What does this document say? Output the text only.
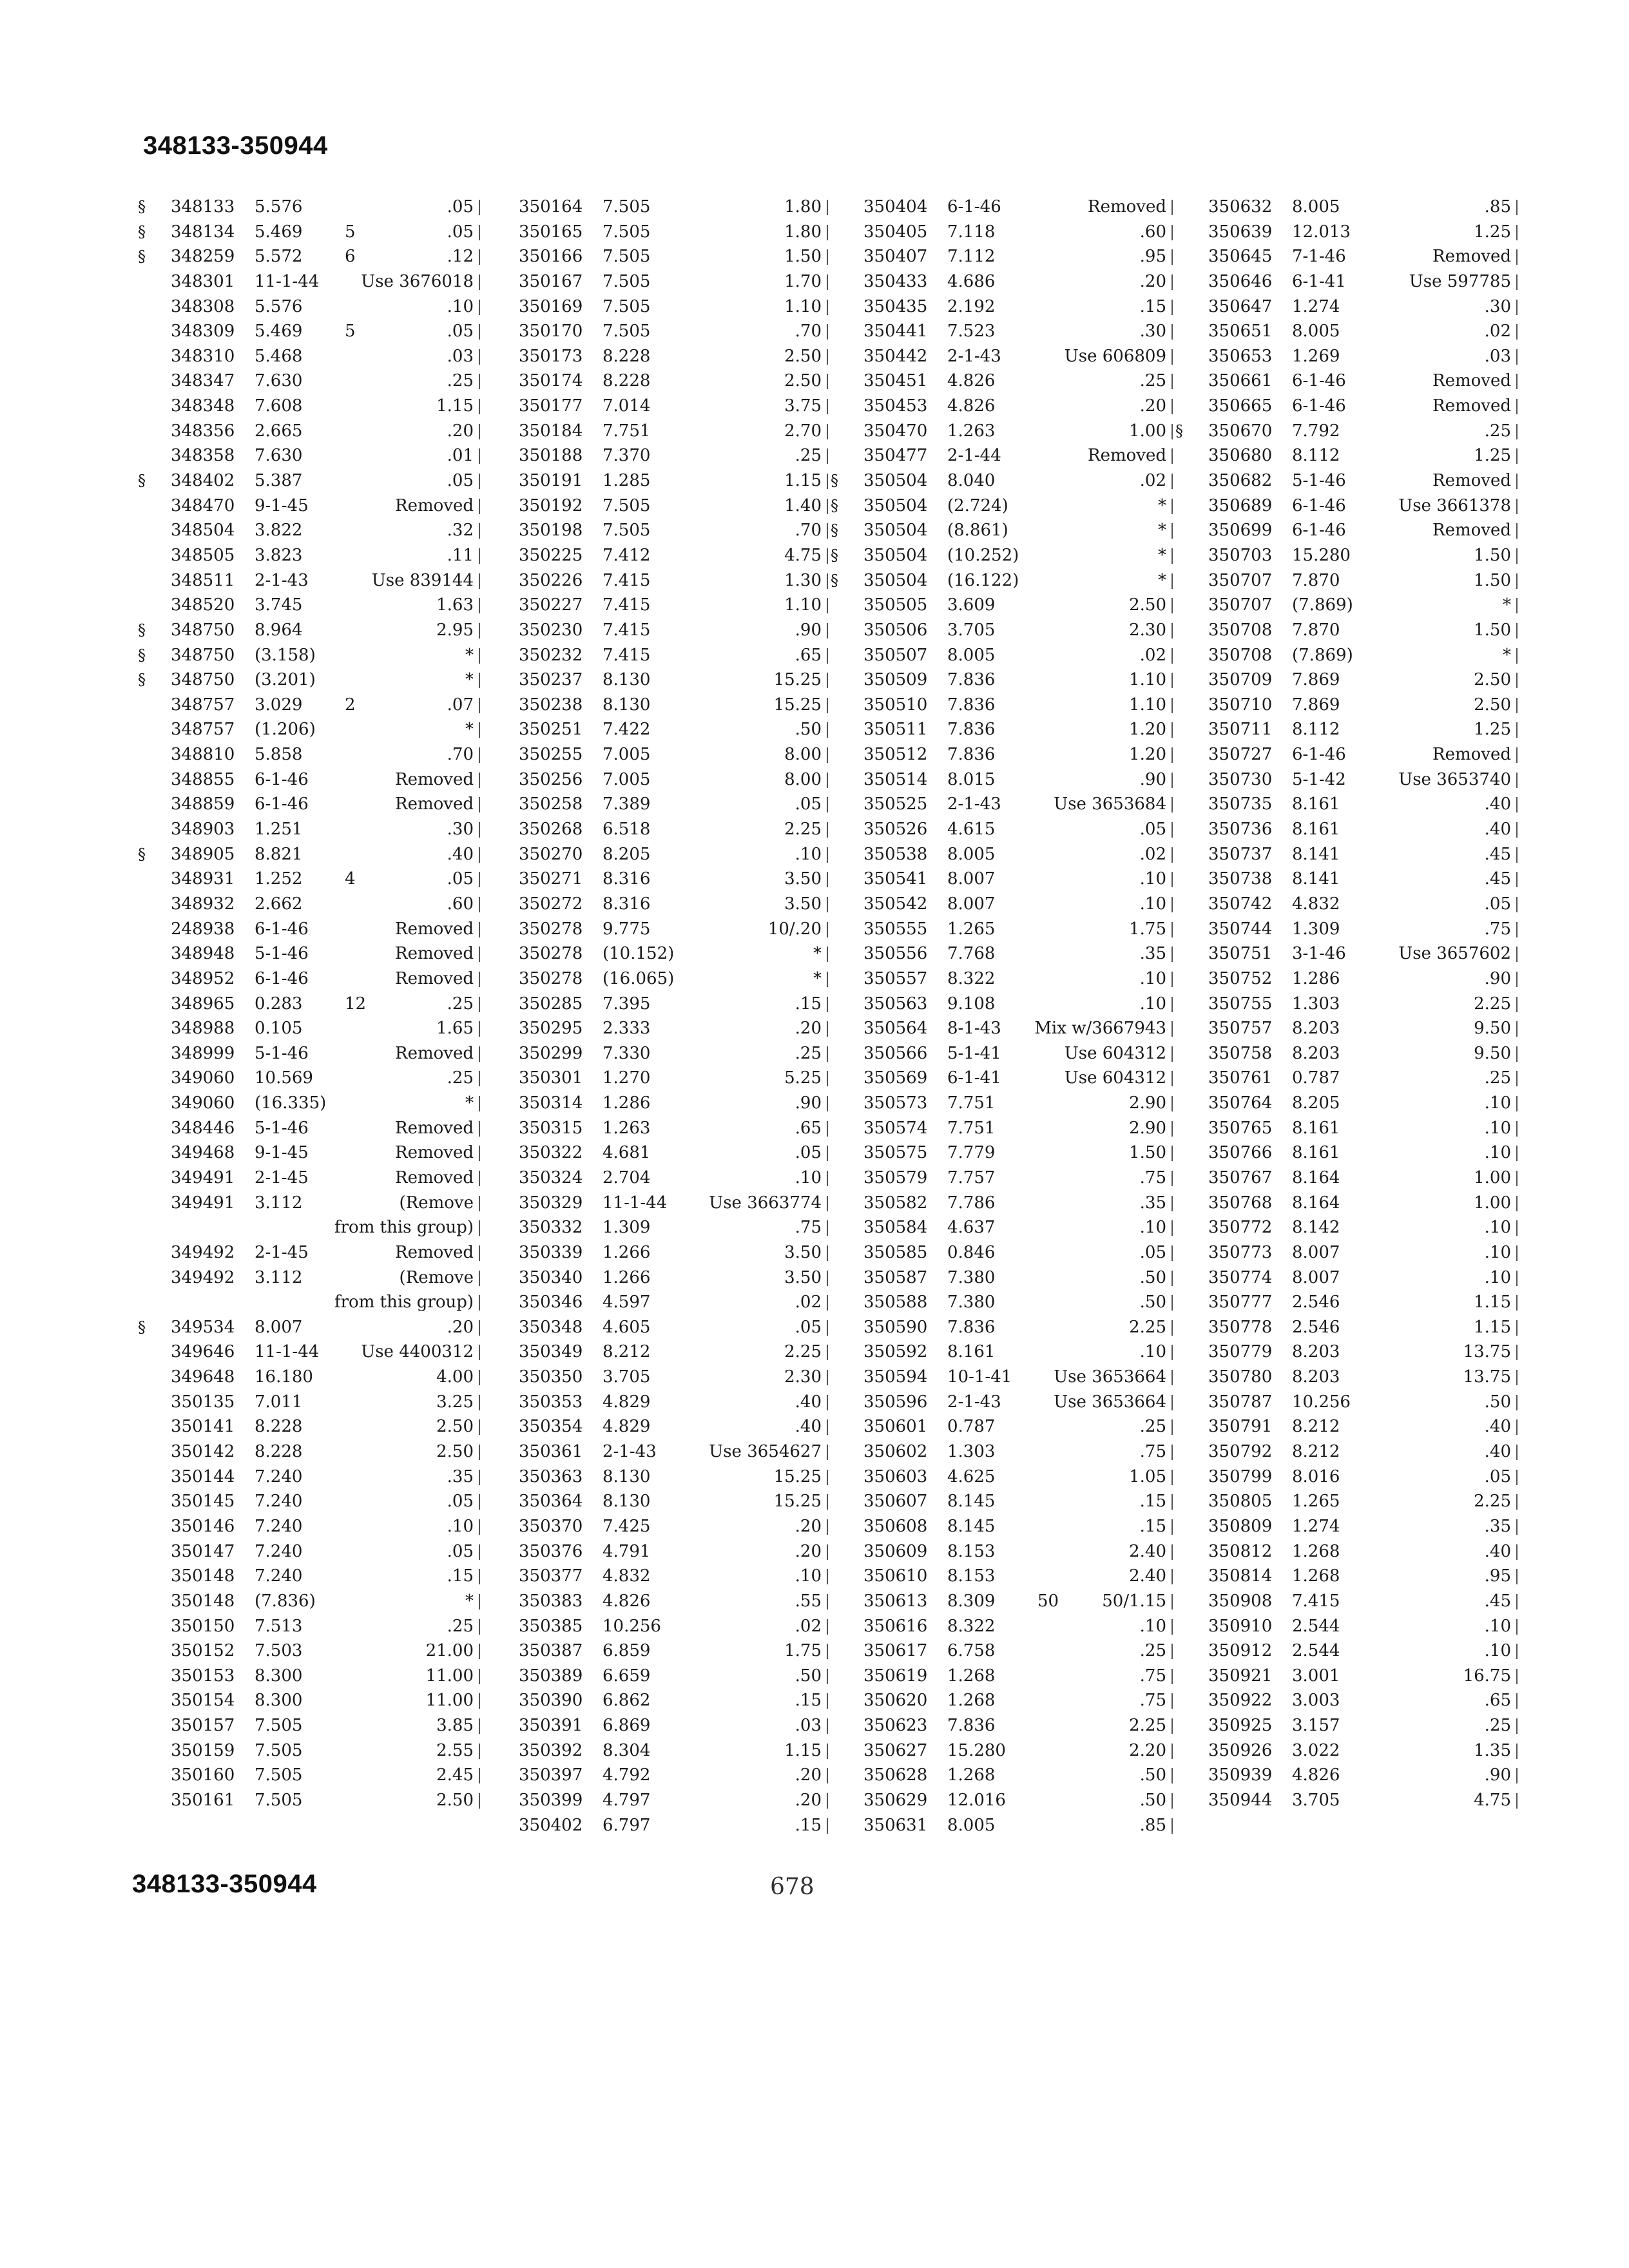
348133-350944
§	348133	5.576	.05
§	348134	5.469	5	.05
§	348259	5.572	6	.12
348301	11-1-44	Use 3676018
348308	5.576	.10
348309	5.469	5	.05
348310	5.468	.03
348347	7.630	.25
348348	7.608	1.15
348356	2.665	.20
348358	7.630	.01
§	348402	5.387	.05
348470	9-1-45	Removed
348504	3.822	.32
348505	3.823	.11
348511	2-1-43	Use 839144
348520	3.745	1.63
§	348750	8.964	2.95
§	348750	(3.158)	*
§	348750	(3.201)	*
348757	3.029	2	.07
348757	(1.206)	*
348810	5.858	.70
348855	6-1-46	Removed
348859	6-1-46	Removed
348903	1.251	.30
§	348905	8.821	.40
348931	1.252	4	.05
348932	2.662	.60
248938	6-1-46	Removed
348948	5-1-46	Removed
348952	6-1-46	Removed
348965	0.283	12	.25
348988	0.105	1.65
348999	5-1-46	Removed
349060	10.569	.25
349060	(16.335)	*
348446	5-1-46	Removed
349468	9-1-45	Removed
349491	2-1-45	Removed
349491	3.112	(Remove
from this group)
349492	2-1-45	Removed
349492	3.112	(Remove
from this group)
§	349534	8.007	.20
349646	11-1-44	Use 4400312
349648	16.180	4.00
350135	7.011	3.25
350141	8.228	2.50
350142	8.228	2.50
350144	7.240	.35
350145	7.240	.05
350146	7.240	.10
350147	7.240	.05
350148	7.240	.15
350148	(7.836)	*
350150	7.513	.25
350152	7.503	21.00
350153	8.300	11.00
350154	8.300	11.00
350157	7.505	3.85
350159	7.505	2.55
350160	7.505	2.45
350161	7.505	2.50
350164	7.505	1.80
350165	7.505	1.80
350166	7.505	1.50
350167	7.505	1.70
350169	7.505	1.10
350170	7.505	.70
350173	8.228	2.50
350174	8.228	2.50
350177	7.014	3.75
350184	7.751	2.70
350188	7.370	.25
350191	1.285	1.15
350192	7.505	1.40
350198	7.505	.70
350225	7.412	4.75
350226	7.415	1.30
350227	7.415	1.10
350230	7.415	.90
350232	7.415	.65
350237	8.130	15.25
350238	8.130	15.25
350251	7.422	.50
350255	7.005	8.00
350256	7.005	8.00
350258	7.389	.05
350268	6.518	2.25
350270	8.205	.10
350271	8.316	3.50
350272	8.316	3.50
350278	9.775	10/.20
350278	(10.152)	*
350278	(16.065)	*
350285	7.395	.15
350295	2.333	.20
350299	7.330	.25
350301	1.270	5.25
350314	1.286	.90
350315	1.263	.65
350322	4.681	.05
350324	2.704	.10
350329	11-1-44	Use 3663774
350332	1.309	.75
350339	1.266	3.50
350340	1.266	3.50
350346	4.597	.02
350348	4.605	.05
350349	8.212	2.25
350350	3.705	2.30
350353	4.829	.40
350354	4.829	.40
350361	2-1-43	Use 3654627
350363	8.130	15.25
350364	8.130	15.25
350370	7.425	.20
350376	4.791	.20
350377	4.832	.10
350383	4.826	.55
350385	10.256	.02
350387	6.859	1.75
350389	6.659	.50
350390	6.862	.15
350391	6.869	.03
350392	8.304	1.15
350397	4.792	.20
350399	4.797	.20
350402	6.797	.15
350404	6-1-46	Removed
350405	7.118	.60
350407	7.112	.95
350433	4.686	.20
350435	2.192	.15
350441	7.523	.30
350442	2-1-43	Use 606809
350451	4.826	.25
350453	4.826	.20
350470	1.263	1.00
350477	2-1-44	Removed
§	350504	8.040	.02
§	350504	(2.724)	*
§	350504	(8.861)	*
§	350504	(10.252)	*
§	350504	(16.122)	*
350505	3.609	2.50
350506	3.705	2.30
350507	8.005	.02
350509	7.836	1.10
350510	7.836	1.10
350511	7.836	1.20
350512	7.836	1.20
350514	8.015	.90
350525	2-1-43	Use 3653684
350526	4.615	.05
350538	8.005	.02
350541	8.007	.10
350542	8.007	.10
350555	1.265	1.75
350556	7.768	.35
350557	8.322	.10
350563	9.108	.10
350564	8-1-43	Mix w/3667943
350566	5-1-41	Use 604312
350569	6-1-41	Use 604312
350573	7.751	2.90
350574	7.751	2.90
350575	7.779	1.50
350579	7.757	.75
350582	7.786	.35
350584	4.637	.10
350585	0.846	.05
350587	7.380	.50
350588	7.380	.50
350590	7.836	2.25
350592	8.161	.10
350594	10-1-41	Use 3653664
350596	2-1-43	Use 3653664
350601	0.787	.25
350602	1.303	.75
350603	4.625	1.05
350607	8.145	.15
350608	8.145	.15
350609	8.153	2.40
350610	8.153	2.40
350613	8.309	50	50/1.15
350616	8.322	.10
350617	6.758	.25
350619	1.268	.75
350620	1.268	.75
350623	7.836	2.25
350627	15.280	2.20
350628	1.268	.50
350629	12.016	.50
350631	8.005	.85
350632	8.005	.85
350639	12.013	1.25
350645	7-1-46	Removed
350646	6-1-41	Use 597785
350647	1.274	.30
350651	8.005	.02
350653	1.269	.03
350661	6-1-46	Removed
350665	6-1-46	Removed
§	350670	7.792	.25
350680	8.112	1.25
350682	5-1-46	Removed
350689	6-1-46	Use 3661378
350699	6-1-46	Removed
350703	15.280	1.50
350707	7.870	1.50
350707	(7.869)	*
350708	7.870	1.50
350708	(7.869)	*
350709	7.869	2.50
350710	7.869	2.50
350711	8.112	1.25
350727	6-1-46	Removed
350730	5-1-42	Use 3653740
350735	8.161	.40
350736	8.161	.40
350737	8.141	.45
350738	8.141	.45
350742	4.832	.05
350744	1.309	.75
350751	3-1-46	Use 3657602
350752	1.286	.90
350755	1.303	2.25
350757	8.203	9.50
350758	8.203	9.50
350761	0.787	.25
350764	8.205	.10
350765	8.161	.10
350766	8.161	.10
350767	8.164	1.00
350768	8.164	1.00
350772	8.142	.10
350773	8.007	.10
350774	8.007	.10
350777	2.546	1.15
350778	2.546	1.15
350779	8.203	13.75
350780	8.203	13.75
350787	10.256	.50
350791	8.212	.40
350792	8.212	.40
350799	8.016	.05
350805	1.265	2.25
350809	1.274	.35
350812	1.268	.40
350814	1.268	.95
350908	7.415	.45
350910	2.544	.10
350912	2.544	.10
350921	3.001	16.75
350922	3.003	.65
350925	3.157	.25
350926	3.022	1.35
350939	4.826	.90
350944	3.705	4.75
348133-350944	678
